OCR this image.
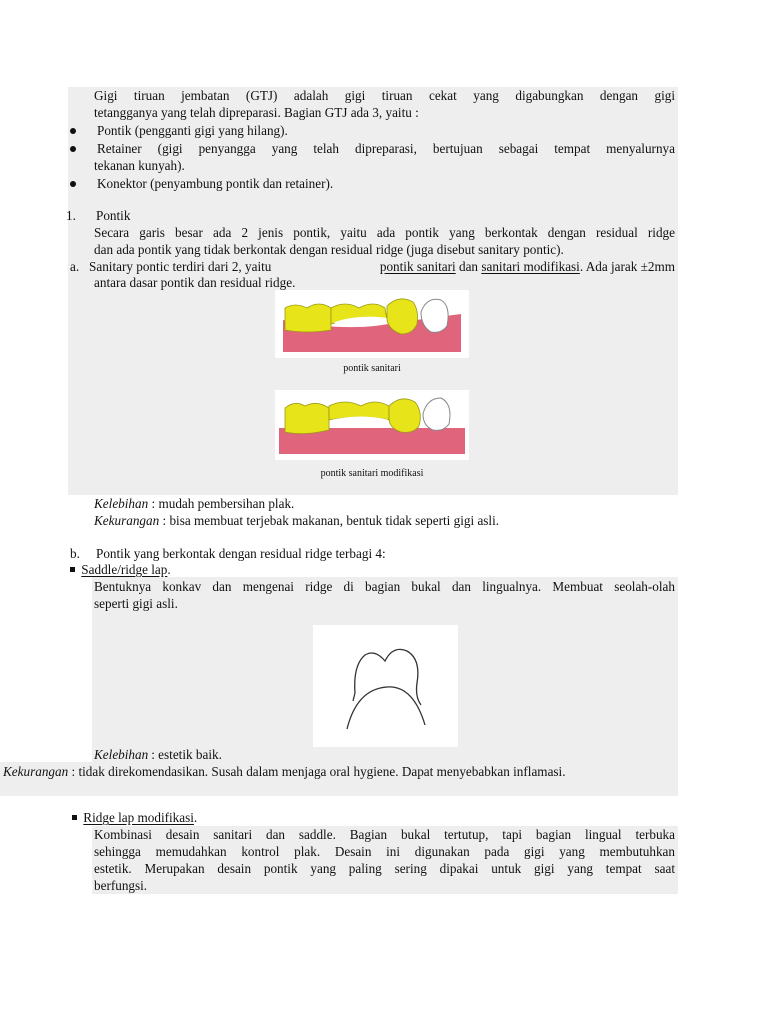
Gigi tiruan jembatan (GTJ) adalah gigi tiruan cekat yang digabungkan dengan gigi
tetangganya yang telah dipreparasi. Bagian GTJ ada 3, yaitu :
Pontik (pengganti gigi yang hilang).
Retainer (gigi penyangga yang telah dipreparasi, bertujuan sebagai tempat menyalurnya
tekanan kunyah).
Konektor (penyambung pontik dan retainer).
1. Pontik
Secara garis besar ada 2 jenis pontik, yaitu ada pontik yang berkontak dengan residual ridge
dan ada pontik yang tidak berkontak dengan residual ridge (juga disebut sanitary pontic).
a. Sanitary pontic terdiri dari 2, yaitu	pontik sanitari dan sanitari modifikasi. Ada jarak ±2mm
antara dasar pontik dan residual ridge.
pontik sanitari
pontik sanitari modifikasi
Kelebihan : mudah pembersihan plak.
Kekurangan : bisa membuat terjebak makanan, bentuk tidak seperti gigi asli.
b. Pontik yang berkontak dengan residual ridge terbagi 4:
Saddle/ridge lap.
Bentuknya konkav dan mengenai ridge di bagian bukal dan lingualnya. Membuat seolah-olah
seperti gigi asli.
Kelebihan : estetik baik.
Kekurangan : tidak direkomendasikan. Susah dalam menjaga oral hygiene. Dapat menyebabkan inflamasi.
Ridge lap modifikasi.
Kombinasi desain sanitari dan saddle. Bagian bukal tertutup, tapi bagian lingual terbuka
sehingga memudahkan kontrol plak. Desain ini digunakan pada gigi yang membutuhkan
estetik. Merupakan desain pontik yang paling sering dipakai untuk gigi yang tempat saat
berfungsi.
